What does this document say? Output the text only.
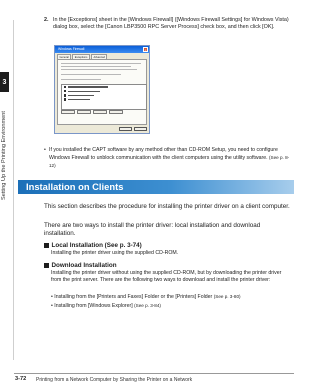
3
Setting Up the Printing Environment
2. In the [Exceptions] sheet in the [Windows Firewall] ([Windows Firewall Settings] for Windows Vista) dialog box, select the [Canon LBP3500 RPC Server Process] check box, and then click [OK].
Windows Firewall	×
General	Exceptions	Advanced
• If you installed the CAPT software by any method other than CD-ROM Setup, you need to configure Windows Firewall to unblock communication with the client computers using the utility software. (See p. 8-12)
Installation on Clients
This section describes the procedure for installing the printer driver on a client computer.
There are two ways to install the printer driver: local installation and download installation.
Local Installation (See p. 3-74)
Installing the printer driver using the supplied CD-ROM.
Download Installation
Installing the printer driver without using the supplied CD-ROM, but by downloading the printer driver from the print server. There are the following two ways to download and install the printer driver:
• Installing from the [Printers and Faxes] Folder or the [Printers] Folder (See p. 3-80)
• Installing from [Windows Explorer] (See p. 3-84)
3-72 Printing from a Network Computer by Sharing the Printer on a Network
